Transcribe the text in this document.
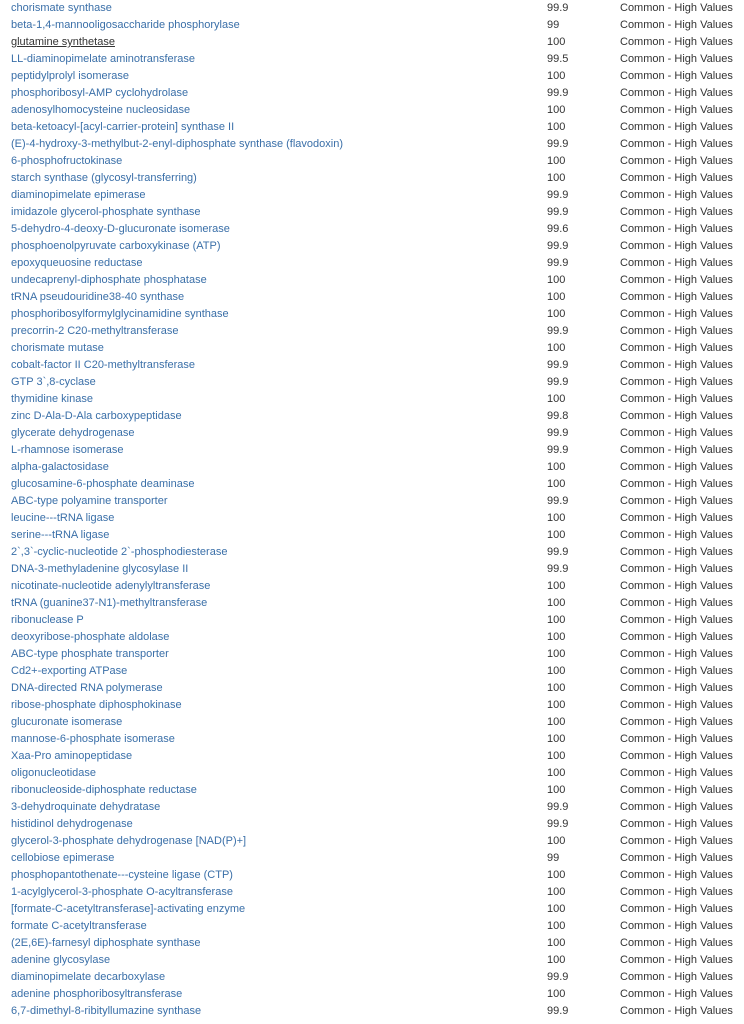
chorismate synthase	99.9	Common - High Values
beta-1,4-mannooligosaccharide phosphorylase	99	Common - High Values
glutamine synthetase	100	Common - High Values
LL-diaminopimelate aminotransferase	99.5	Common - High Values
peptidylprolyl isomerase	100	Common - High Values
phosphoribosyl-AMP cyclohydrolase	99.9	Common - High Values
adenosylhomocysteine nucleosidase	100	Common - High Values
beta-ketoacyl-[acyl-carrier-protein] synthase II	100	Common - High Values
(E)-4-hydroxy-3-methylbut-2-enyl-diphosphate synthase (flavodoxin)	99.9	Common - High Values
6-phosphofructokinase	100	Common - High Values
starch synthase (glycosyl-transferring)	100	Common - High Values
diaminopimelate epimerase	99.9	Common - High Values
imidazole glycerol-phosphate synthase	99.9	Common - High Values
5-dehydro-4-deoxy-D-glucuronate isomerase	99.6	Common - High Values
phosphoenolpyruvate carboxykinase (ATP)	99.9	Common - High Values
epoxyqueuosine reductase	99.9	Common - High Values
undecaprenyl-diphosphate phosphatase	100	Common - High Values
tRNA pseudouridine38-40 synthase	100	Common - High Values
phosphoribosylformylglycinamidine synthase	100	Common - High Values
precorrin-2 C20-methyltransferase	99.9	Common - High Values
chorismate mutase	100	Common - High Values
cobalt-factor II C20-methyltransferase	99.9	Common - High Values
GTP 3`,8-cyclase	99.9	Common - High Values
thymidine kinase	100	Common - High Values
zinc D-Ala-D-Ala carboxypeptidase	99.8	Common - High Values
glycerate dehydrogenase	99.9	Common - High Values
L-rhamnose isomerase	99.9	Common - High Values
alpha-galactosidase	100	Common - High Values
glucosamine-6-phosphate deaminase	100	Common - High Values
ABC-type polyamine transporter	99.9	Common - High Values
leucine---tRNA ligase	100	Common - High Values
serine---tRNA ligase	100	Common - High Values
2`,3`-cyclic-nucleotide 2`-phosphodiesterase	99.9	Common - High Values
DNA-3-methyladenine glycosylase II	99.9	Common - High Values
nicotinate-nucleotide adenylyltransferase	100	Common - High Values
tRNA (guanine37-N1)-methyltransferase	100	Common - High Values
ribonuclease P	100	Common - High Values
deoxyribose-phosphate aldolase	100	Common - High Values
ABC-type phosphate transporter	100	Common - High Values
Cd2+-exporting ATPase	100	Common - High Values
DNA-directed RNA polymerase	100	Common - High Values
ribose-phosphate diphosphokinase	100	Common - High Values
glucuronate isomerase	100	Common - High Values
mannose-6-phosphate isomerase	100	Common - High Values
Xaa-Pro aminopeptidase	100	Common - High Values
oligonucleotidase	100	Common - High Values
ribonucleoside-diphosphate reductase	100	Common - High Values
3-dehydroquinate dehydratase	99.9	Common - High Values
histidinol dehydrogenase	99.9	Common - High Values
glycerol-3-phosphate dehydrogenase [NAD(P)+]	100	Common - High Values
cellobiose epimerase	99	Common - High Values
phosphopantothenate---cysteine ligase (CTP)	100	Common - High Values
1-acylglycerol-3-phosphate O-acyltransferase	100	Common - High Values
[formate-C-acetyltransferase]-activating enzyme	100	Common - High Values
formate C-acetyltransferase	100	Common - High Values
(2E,6E)-farnesyl diphosphate synthase	100	Common - High Values
adenine glycosylase	100	Common - High Values
diaminopimelate decarboxylase	99.9	Common - High Values
adenine phosphoribosyltransferase	100	Common - High Values
6,7-dimethyl-8-ribityllumazine synthase	99.9	Common - High Values
